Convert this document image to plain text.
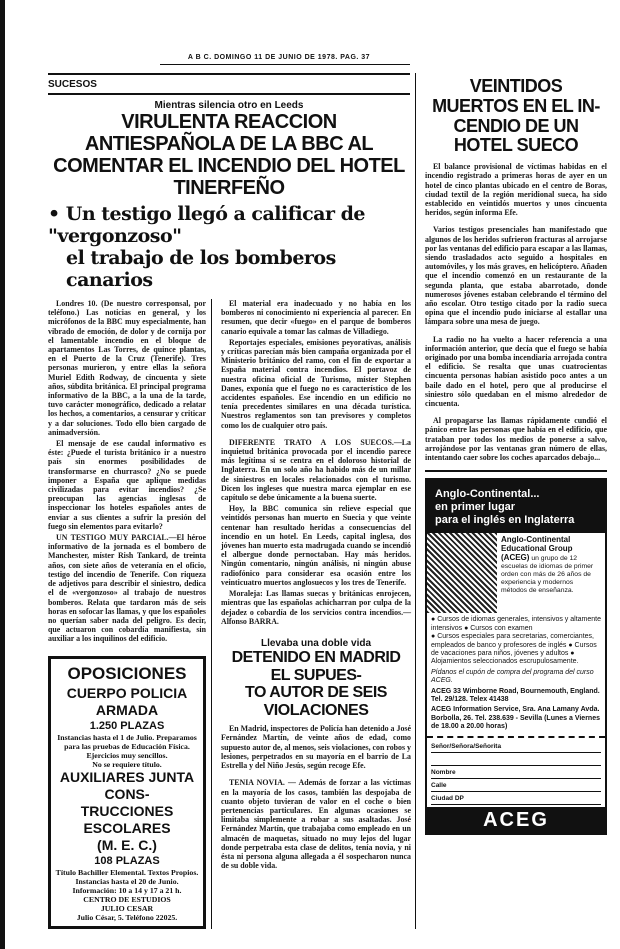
A B C. DOMINGO 11 DE JUNIO DE 1978. PAG. 37
SUCESOS
Mientras silencia otro en Leeds
VIRULENTA REACCION ANTIESPAÑOLA DE LA BBC AL
COMENTAR EL INCENDIO DEL HOTEL TINERFEÑO
• Un testigo llegó a calificar de "vergonzoso"
el trabajo de los bomberos canarios

Londres 10. (De nuestro corresponsal, por teléfono.) Las noticias en general, y los micrófonos de la BBC muy especialmente, han vibrado de emoción, de dolor y de cornija por el lamentable incendio en el bloque de apartamentos Las Torres, de quince plantas, en el Puerto de la Cruz (Tenerife). Tres personas murieron, y entre ellas la señora Muriel Edith Rodway, de cincuenta y siete años, súbdita británica. El principal programa informativo de la BBC, a la una de la tarde, tuvo carácter monográfico, dedicado a relatar los hechos, a comentarios, a censurar y criticar y a dar soluciones. Todo ello bien cargado de animadversión.

El mensaje de ese caudal informativo es éste: ¿Puede el turista británico ir a nuestro país sin enormes posibilidades de transformarse en churrasco? ¿No se puede imponer a España que aplique medidas civilizadas para evitar incendios? ¿Se preocupan las agencias inglesas de inspeccionar los hoteles españoles antes de enviar a sus clientes a sufrir la presión del fuego sin elementos para evitarlo?

UN TESTIGO MUY PARCIAL.—El héroe informativo de la jornada es el bombero de Manchester, míster Rish Tankard, de treinta años, con siete años de veteranía en el oficio, testigo del incendio de Tenerife. Con riqueza de adjetivos para describir el siniestro, dedica el de «vergonzoso» al trabajo de nuestros bomberos. Relata que tardaron más de seis horas en sofocar las llamas, y que los españoles no querían saber nada del peligro. Es decir, que actuaron con cobardía manifiesta, sin auxiliar a los inquilinos del edificio.

OPOSICIONES
CUERPO POLICIA ARMADA
1.250 PLAZAS
Instancias hasta el 1 de Julio. Preparamos para las pruebas de Educación Física.
Ejercicios muy sencillos.
No se requiere título.
AUXILIARES JUNTA CONS-
TRUCCIONES ESCOLARES
(M. E. C.)
108 PLAZAS
Título Bachiller Elemental. Textos Propios.
Instancias hasta el 20 de Junio.
Información: 10 a 14 y 17 a 21 h.
CENTRO DE ESTUDIOS
JULIO CESAR
Julio César, 5. Teléfono 22025.

El material era inadecuado y no había en los bomberos ni conocimiento ni experiencia al parecer. En resumen, que decir «fuego» en el parque de bomberos canario equivale a tomar las calmas de Villadiego.

Reportajes especiales, emisiones peyorativas, análisis y críticas parecían más bien campaña organizada por el Ministerio británico del ramo, con el fin de exportar a España material contra incendios. El portavoz de nuestra oficina oficial de Turismo, míster Stephen Danes, exponía que el fuego no es característico de los accidentes españoles. Ese incendio en un edificio no tenía precedentes similares en una década turística. Nuestros reglamentos son tan previsores y completos como los de cualquier otro país.

DIFERENTE TRATO A LOS SUECOS.—La inquietud británica provocada por el incendio parece más legítima si se centra en el doloroso historial de Inglaterra. En un solo año ha habido más de un millar de siniestros en locales relacionados con el turismo. Dicen los ingleses que nuestra marca ejemplar en ese capítulo se debe únicamente a la buena suerte.

Hoy, la BBC comunica sin relieve especial que veintidós personas han muerto en Suecia y que veinte centenar han resultado heridas a consecuencias del incendio en un hotel. En Leeds, capital inglesa, dos jóvenes han muerto esta madrugada cuando se incendió el albergue donde pernoctaban. Hay más heridos. Ningún comentario, ningún análisis, ni ningún abuse radiofónico para considerar esa ocasión entre los veinticuatro muertos anglosuecos y los tres de Tenerife.

Moraleja: Las llamas suecas y británicas enrojecen, mientras que las españolas achicharran por culpa de la dejadez o cobardía de los servicios contra incendios.—Alfonso BARRA.

Llevaba una doble vida
DETENIDO EN MADRID EL SUPUES-
TO AUTOR DE SEIS VIOLACIONES

En Madrid, inspectores de Policía han detenido a José Fernández Martín, de veinte años de edad, como supuesto autor de, al menos, seis violaciones, con robos y lesiones, perpetrados en su mayoría en el barrio de La Estrella y del Niño Jesús, según recoge Efe.

TENIA NOVIA. — Además de forzar a las víctimas en la mayoría de los casos, también las despojaba de cuanto objeto tuvieran de valor en el coche o bien pertenencias particulares. En algunas ocasiones se limitaba simplemente a robar a sus asaltadas. José Fernández Martín, que trabajaba como empleado en un almacén de maquetas, situado no muy lejos del lugar donde perpetraba esta clase de delitos, tenía novia, y ni ésta ni persona alguna allegada a él sospecharon nunca de su doble vida.

VEINTIDOS MUERTOS EN EL IN-
CENDIO DE UN HOTEL SUECO

El balance provisional de víctimas habidas en el incendio registrado a primeras horas de ayer en un hotel de cinco plantas ubicado en el centro de Boras, ciudad textil de la región meridional sueca, ha sido establecido en veintidós muertos y unos cincuenta heridos, según informa Efe.

Varios testigos presenciales han manifestado que algunos de los heridos sufrieron fracturas al arrojarse por las ventanas del edificio para escapar a las llamas, siendo trasladados acto seguido a hospitales en automóviles, y los más graves, en helicóptero. Añaden que el incendio comenzó en un restaurante de la segunda planta, que estaba abarrotado, donde numerosos jóvenes estaban celebrando el término del año escolar. Otro testigo citado por la radio sueca opina que el incendio pudo iniciarse al estallar una lámpara sobre una mesa de juego.

La radio no ha vuelto a hacer referencia a una información anterior, que decía que el fuego se había originado por una bomba incendiaria arrojada contra el edificio. Se resalta que unas cuatrocientas cincuenta personas habían asistido poco antes a un baile dado en el hotel, pero que al producirse el siniestro sólo quedaban en el mismo alrededor de cincuenta.

Al propagarse las llamas rápidamente cundió el pánico entre las personas que había en el edificio, que trataban por todos los medios de ponerse a salvo, arrojándose por las ventanas gran número de ellas, intentando caer sobre los coches aparcados debajo...

Anglo-Continental...
en primer lugar
para el inglés en Inglaterra
Anglo-Continental Educational Group (ACEG) un grupo de 12 escuelas de idiomas de primer orden con más de 26 años de experiencia y modernos métodos de enseñanza.
● Cursos de idiomas generales, intensivos y altamente intensivos ● Cursos con examen
● Cursos especiales para secretarias, comerciantes, empleados de banco y profesores de inglés ● Cursos de vacaciones para niños, jóvenes y adultos ● Alojamientos seleccionados escrupulosamente.
Pídanos el cupón de compra del programa del curso ACEG.
ACEG 33 Wimborne Road, Bournemouth, England. Tel. 29/128. Telex 41438
ACEG Information Service, Sra. Ana Lamany Avda. Borbolla, 26. Tel. 238.639 - Sevilla (Lunes a Viernes de 18.00 a 20.00 horas)
Señor/Señora/Señorita
Nombre
Calle
Ciudad DP
ACEG
